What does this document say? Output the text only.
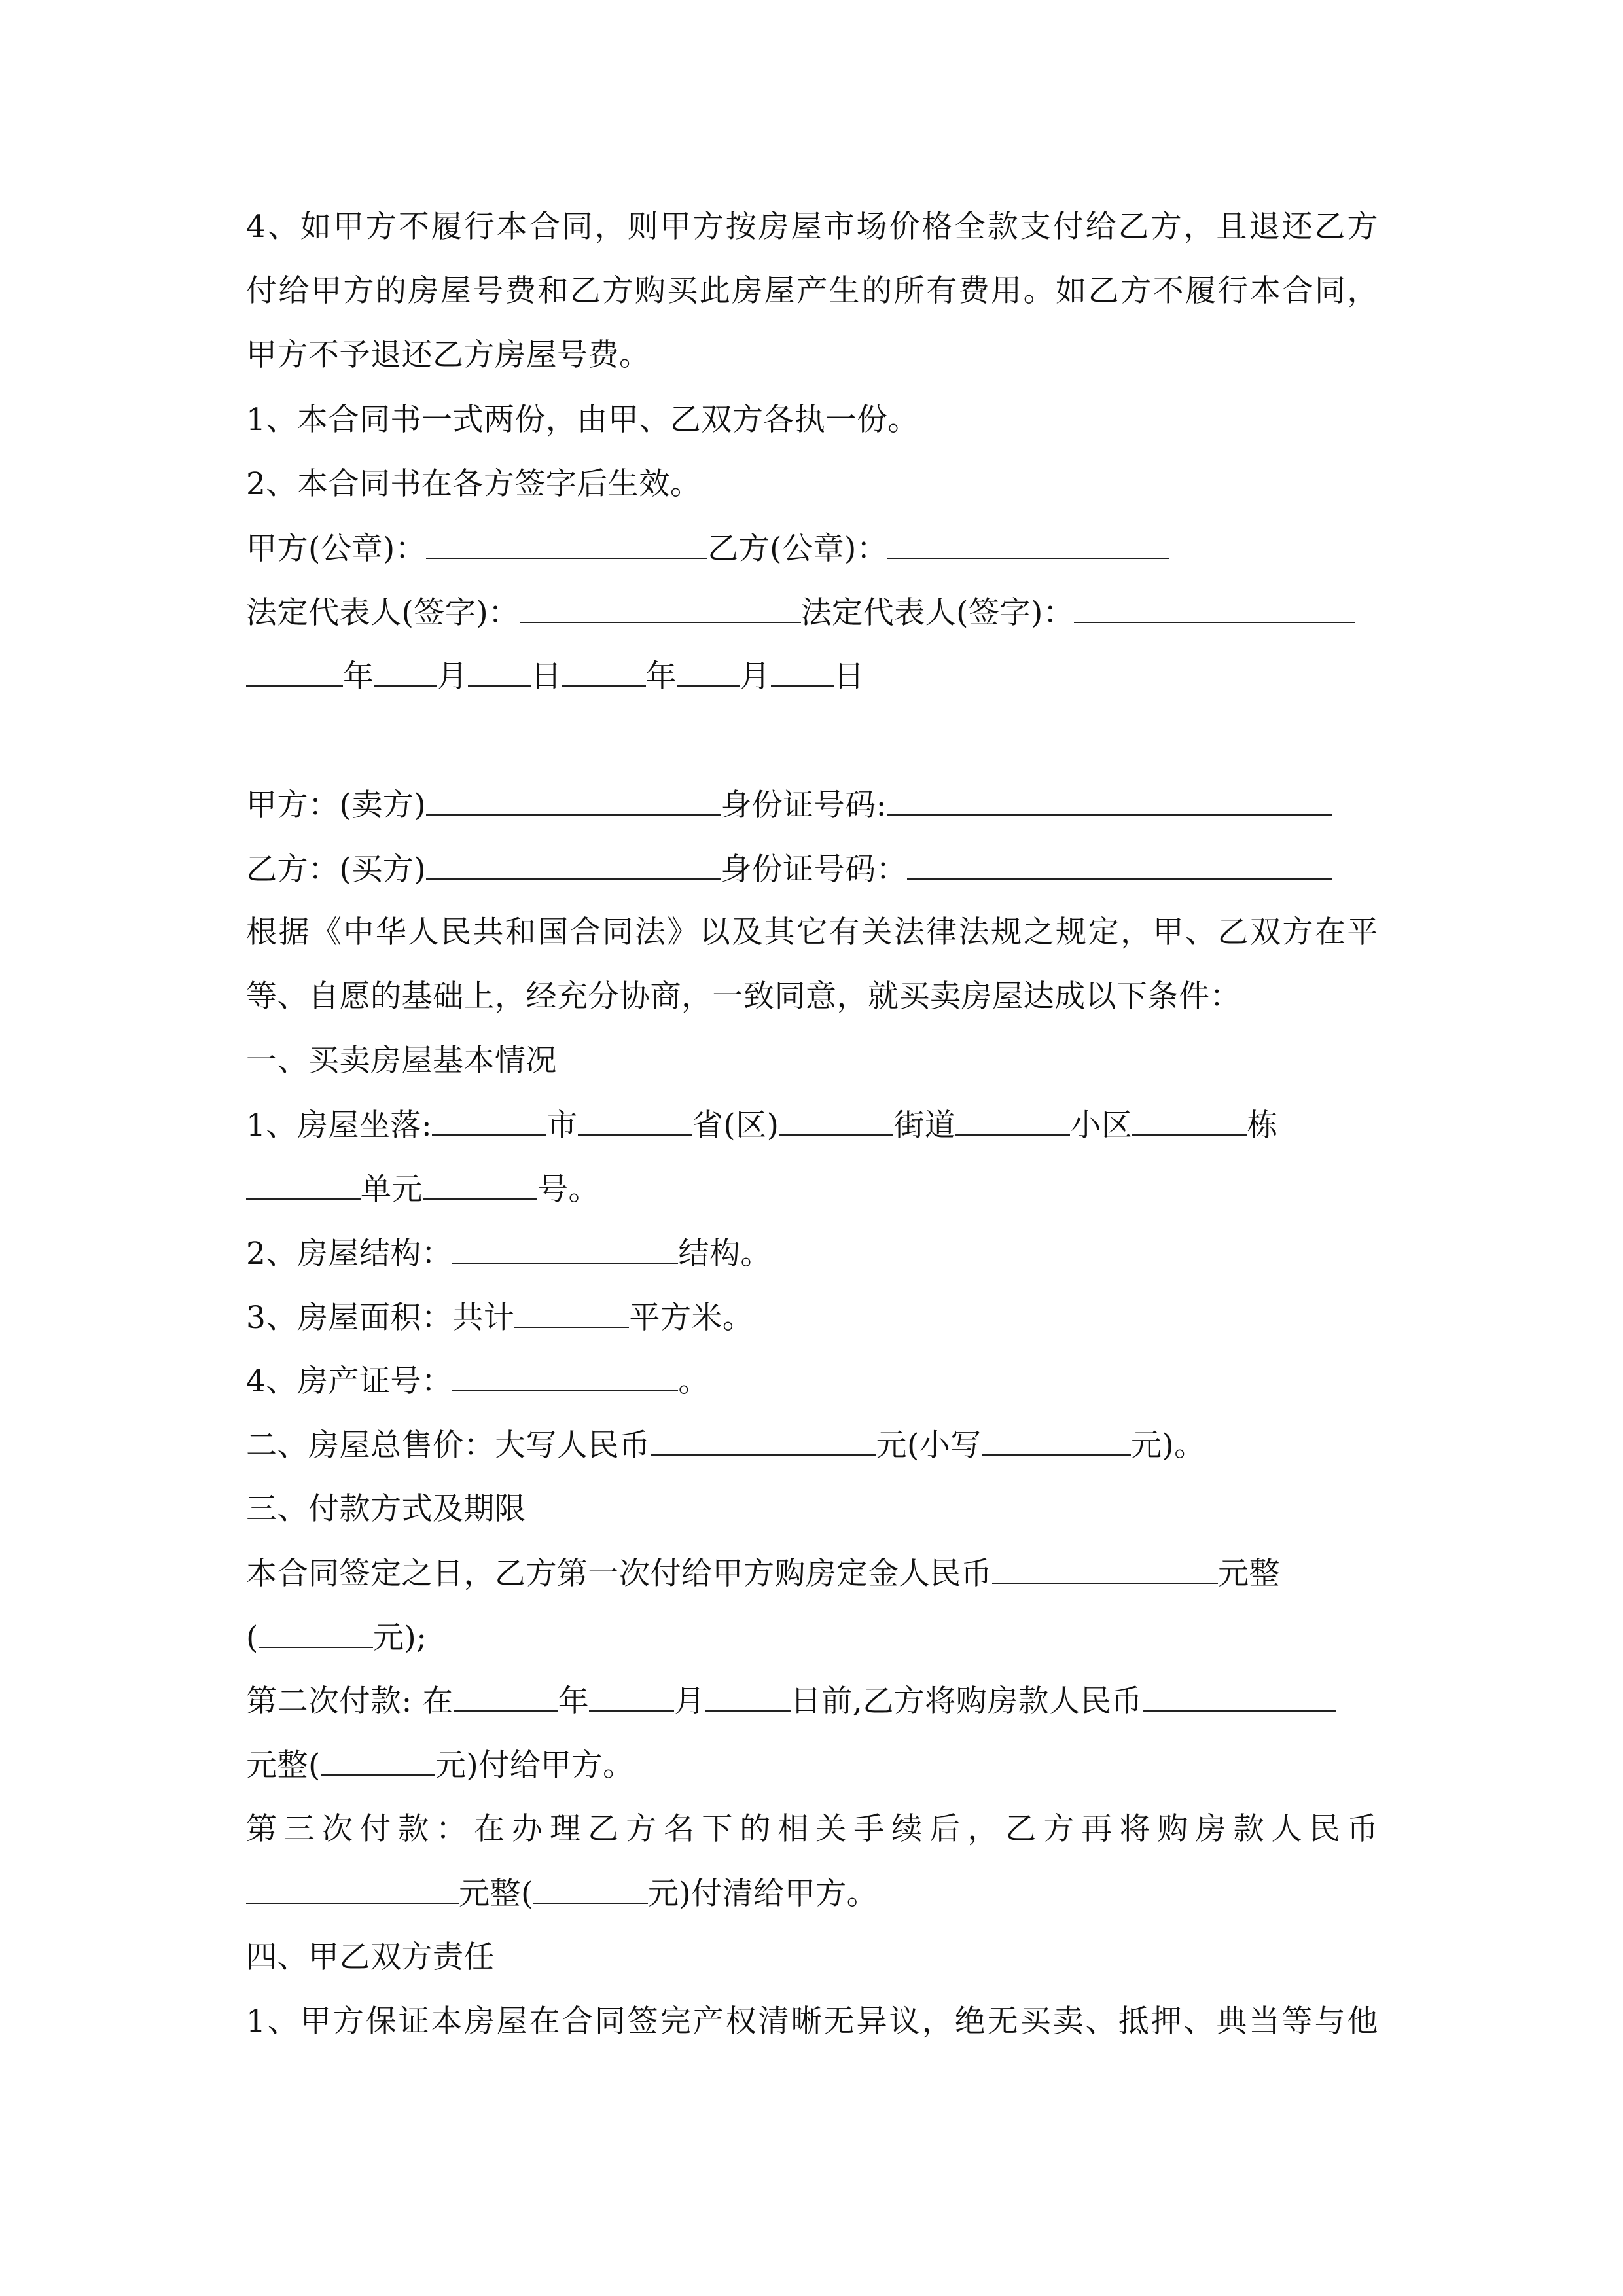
4、如甲方不履行本合同，则甲方按房屋市场价格全款支付给乙方，且退还乙方
付给甲方的房屋号费和乙方购买此房屋产生的所有费用。如乙方不履行本合同，
甲方不予退还乙方房屋号费。
1、本合同书一式两份，由甲、乙双方各执一份。
2、本合同书在各方签字后生效。
甲方(公章)：	乙方(公章)：
法定代表人(签字)：	法定代表人(签字)：
年 月 日	年 月 日
甲方：(卖方)	身份证号码:
乙方：(买方)	身份证号码：
根据《中华人民共和国合同法》以及其它有关法律法规之规定，甲、乙双方在平
等、自愿的基础上，经充分协商，一致同意，就买卖房屋达成以下条件：
一、买卖房屋基本情况
1、房屋坐落:	市	省(区)	街道	小区	栋
单元	号。
2、房屋结构：	结构。
3、房屋面积：共计	平方米。
4、房产证号：	。
二、房屋总售价：大写人民币	元(小写	元)。
三、付款方式及期限
本合同签定之日，乙方第一次付给甲方购房定金人民币	元整
(	元);
第二次付款: 在	年	月	日前,乙方将购房款人民币
元整(	元)付给甲方。
第三次付款：在办理乙方名下的相关手续后，乙方再将购房款人民币
元整(	元)付清给甲方。
四、甲乙双方责任
1、甲方保证本房屋在合同签完产权清晰无异议，绝无买卖、抵押、典当等与他
